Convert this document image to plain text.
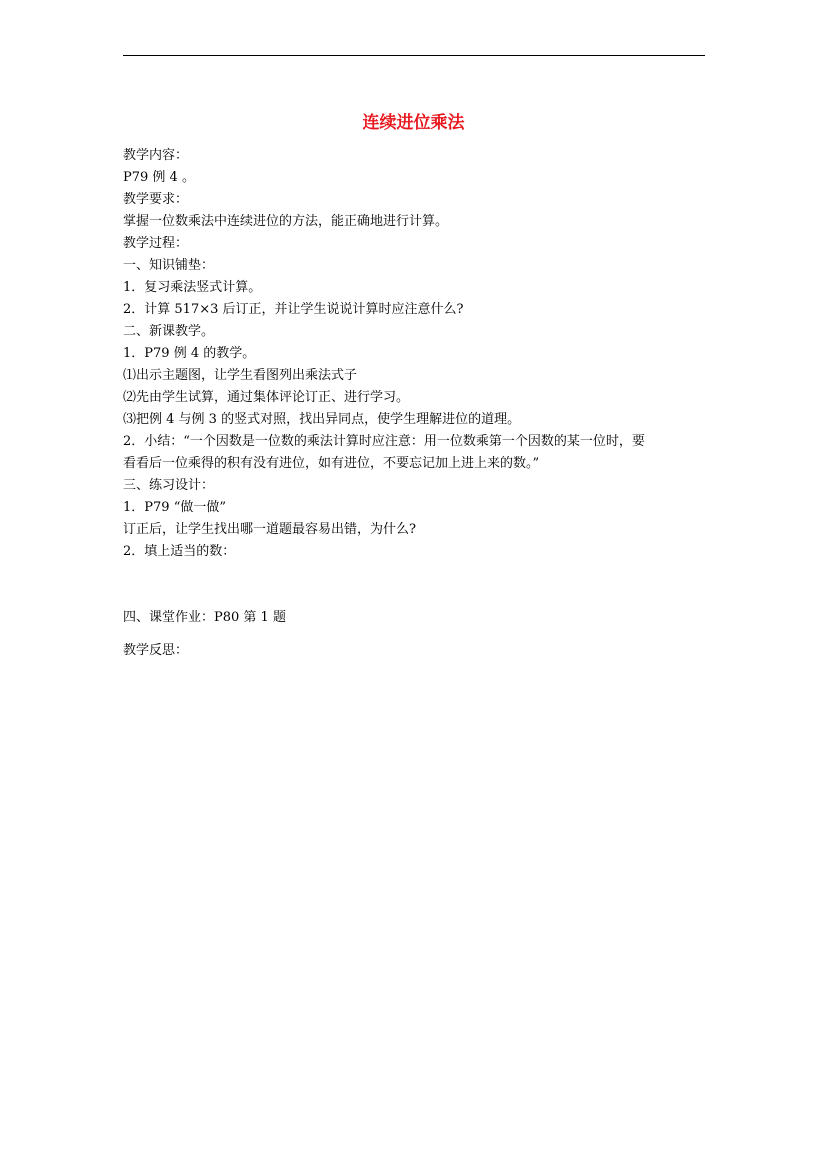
连续进位乘法
教学内容：
P79 例 4 。
教学要求：
掌握一位数乘法中连续进位的方法，能正确地进行计算。
教学过程：
一、知识铺垫：
1．复习乘法竖式计算。
2．计算 517×3 后订正，并让学生说说计算时应注意什么?
二、新课教学。
1．P79 例 4 的教学。
⑴出示主题图，让学生看图列出乘法式子
⑵先由学生试算，通过集体评论订正、进行学习。
⑶把例 4 与例 3 的竖式对照，找出异同点，使学生理解进位的道理。
2．小结：“一个因数是一位数的乘法计算时应注意：用一位数乘第一个因数的某一位时，要
看看后一位乘得的积有没有进位，如有进位，不要忘记加上进上来的数。”
三、练习设计：
1．P79 “做一做”
订正后，让学生找出哪一道题最容易出错，为什么?
2．填上适当的数：
四、课堂作业：P80 第 1 题
教学反思：
